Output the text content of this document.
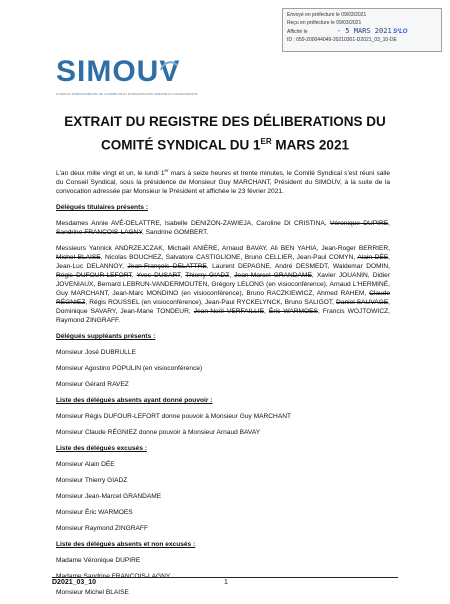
Envoyé en préfecture le 09/03/2021
Reçu en préfecture le 09/03/2021
Affiché le	- 5 MARS 2021 S²LO
ID : 059-200044049-20210301-D2021_03_10-DE
SIMOUV
SYNDICAT INTERCOMMUNAL DE LA MOBILITÉ ET D'ORGANISATION URBAINE DU VALENCIENNOIS
EXTRAIT DU REGISTRE DES DÉLIBERATIONS DU
COMITÉ SYNDICAL DU 1ER MARS 2021

L'an deux mille vingt et un, le lundi 1er mars à seize heures et trente minutes, le Comité Syndical s'est réuni salle du Conseil Syndical, sous la présidence de Monsieur Guy MARCHANT, Président du SIMOUV, à la suite de la convocation adressée par Monsieur le Président et affichée le 23 février 2021.

Délégués titulaires présents :

Mesdames Annie AVÉ-DELATTRE, Isabelle DENIZON-ZAWIEJA, Caroline DI CRISTINA, Véronique DUPIRE, Sandrine FRANCOIS-LAGNY, Sandrine GOMBERT.

Messieurs Yannick ANDRZEJCZAK, Michaël ANIÈRE, Arnaud BAVAY, Ali BEN YAHIA, Jean-Roger BERRIER, Michel BLAISE, Nicolas BOUCHEZ, Salvatore CASTIGLIONE, Bruno CELLIER, Jean-Paul COMYN, Alain DÉE, Jean-Luc DELANNOY, Jean-François DELATTRE, Laurent DEPAGNE, André DESMEDT, Waldemar DOMIN, Régis DUFOUR-LEFORT, Yves DUSART, Thierry GIADZ, Jean-Marcel GRANDAME, Xavier JOUANIN, Didier JOVENIAUX, Bernard LEBRUN-VANDERMOUTEN, Grégory LELONG (en visioconférence), Arnaud L'HERMINÉ, Guy MARCHANT, Jean-Marc MONDINO (en visioconférence), Bruno RACZKIEWICZ, Ahmed RAHEM, Claude RÉGNIEZ, Régis ROUSSEL (en visioconférence), Jean-Paul RYCKELYNCK, Bruno SALIGOT, Daniel SAUVAGE, Dominique SAVARY, Jean-Marie TONDEUR, Jean-Noël VERFAILLIE, Éric WARMOES, Francis WOJTOWICZ, Raymond ZINGRAFF.

Délégués suppléants présents :

Monsieur José DUBRULLE

Monsieur Agostino POPULIN (en visioconférence)

Monsieur Gérard RAVEZ

Liste des délégués absents ayant donné pouvoir :

Monsieur Régis DUFOUR-LEFORT donne pouvoir à Monsieur Guy MARCHANT

Monsieur Claude RÉGNIEZ donne pouvoir à Monsieur Arnaud BAVAY

Liste des délégués excusés :

Monsieur Alain DÉE

Monsieur Thierry GIADZ

Monsieur Jean-Marcel GRANDAME

Monsieur Éric WARMOES

Monsieur Raymond ZINGRAFF

Liste des délégués absents et non excusés :

Madame Véronique DUPIRE

Madame Sandrine FRANCOIS-LAGNY

Monsieur Michel BLAISE

D2021_03_10	1
